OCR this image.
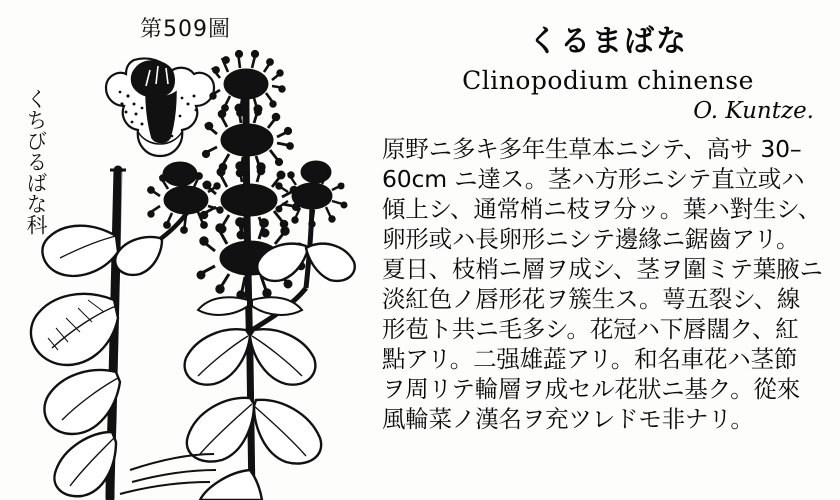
第509圖
くちびるばな科
くるまばな
Clinopodium chinense
O. Kuntze.
原野ニ多キ多年生草本ニシテ、高サ 30–
60cm ニ達ス。茎ハ方形ニシテ直立或ハ
傾上シ、通常梢ニ枝ヲ分ッ。葉ハ對生シ、
卵形或ハ長卵形ニシテ邊緣ニ鋸齒アリ。
夏日、枝梢ニ層ヲ成シ、茎ヲ圍ミテ葉腋ニ
淡紅色ノ唇形花ヲ簇生ス。萼五裂シ、線
形苞ト共ニ毛多シ。花冠ハ下唇闊ク、紅
點アリ。二强雄蕋アリ。和名車花ハ茎節
ヲ周リテ輪層ヲ成セル花狀ニ基ク。從來
風輪菜ノ漢名ヲ充ツレドモ非ナリ。
